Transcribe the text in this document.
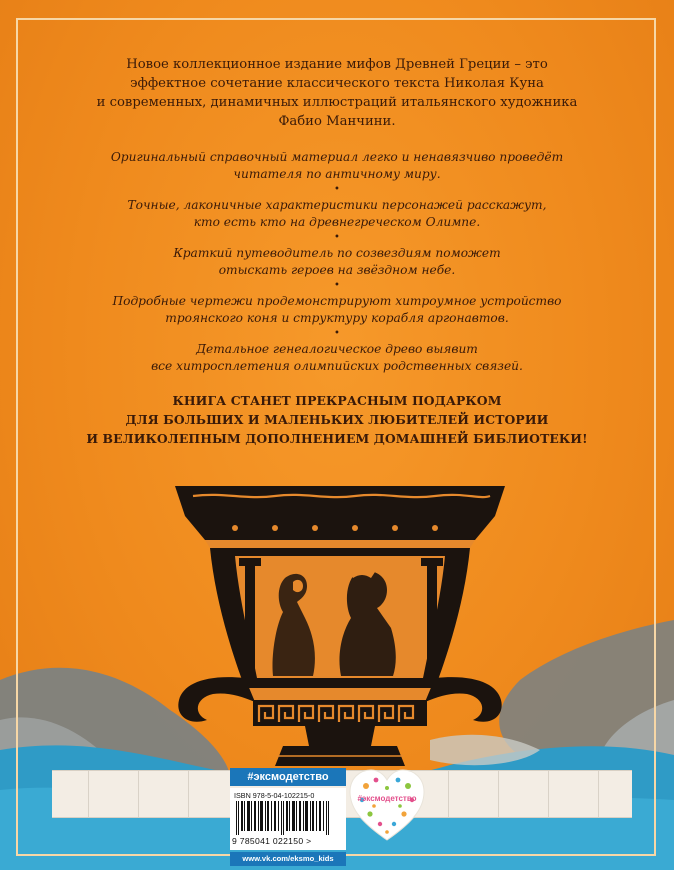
Новое коллекционное издание мифов Древней Греции – это
эффектное сочетание классического текста Николая Куна
и современных, динамичных иллюстраций итальянского художника
Фабио Манчини.

Оригинальный справочный материал легко и ненавязчиво проведёт
читателя по античному миру.

•

Точные, лаконичные характеристики персонажей расскажут,
кто есть кто на древнегреческом Олимпе.

•

Краткий путеводитель по созвездиям поможет
отыскать героев на звёздном небе.

•

Подробные чертежи продемонстрируют хитроумное устройство
троянского коня и структуру корабля аргонавтов.

•

Детальное генеалогическое древо выявит
все хитросплетения олимпийских родственных связей.

КНИГА СТАНЕТ ПРЕКРАСНЫМ ПОДАРКОМ
ДЛЯ БОЛЬШИХ И МАЛЕНЬКИХ ЛЮБИТЕЛЕЙ ИСТОРИИ
И ВЕЛИКОЛЕПНЫМ ДОПОЛНЕНИЕМ ДОМАШНЕЙ БИБЛИОТЕКИ!
#эксмодетство
ISBN 978-5-04-102215-0
9 785041 022150 >
www.vk.com/eksmo_kids
#эксмодетство
